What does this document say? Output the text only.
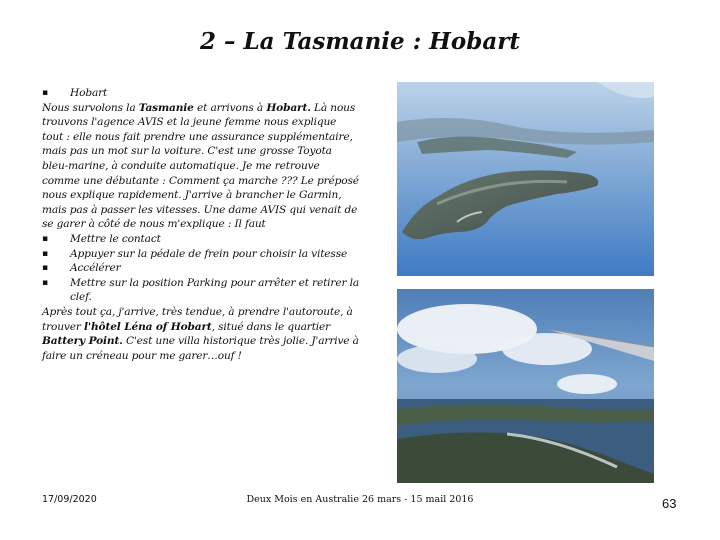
2 – La Tasmanie : Hobart

▪ Hobart

Nous survolons la Tasmanie et arrivons à Hobart. Là nous trouvons l'agence AVIS et la jeune femme nous explique tout : elle nous fait prendre une assurance supplémentaire, mais pas un mot sur la voiture. C'est une grosse Toyota bleu-marine, à conduite automatique. Je me retrouve comme une débutante : Comment ça marche ??? Le préposé nous explique rapidement. J'arrive à brancher le Garmin, mais pas à passer les vitesses. Une dame AVIS qui venait de se garer à côté de nous m'explique : Il faut

▪ Mettre le contact

▪ Appuyer sur la pédale de frein pour choisir la vitesse

▪ Accélérer

▪ Mettre sur la position Parking pour arrêter et retirer la clef.

Après tout ça, j'arrive, très tendue, à prendre l'autoroute, à trouver l'hôtel Léna of Hobart, situé dans le quartier Battery Point. C'est une villa historique très jolie. J'arrive à faire un créneau pour me garer…ouf !

17/09/2020	Deux Mois en Australie 26 mars - 15 mail 2016	63
